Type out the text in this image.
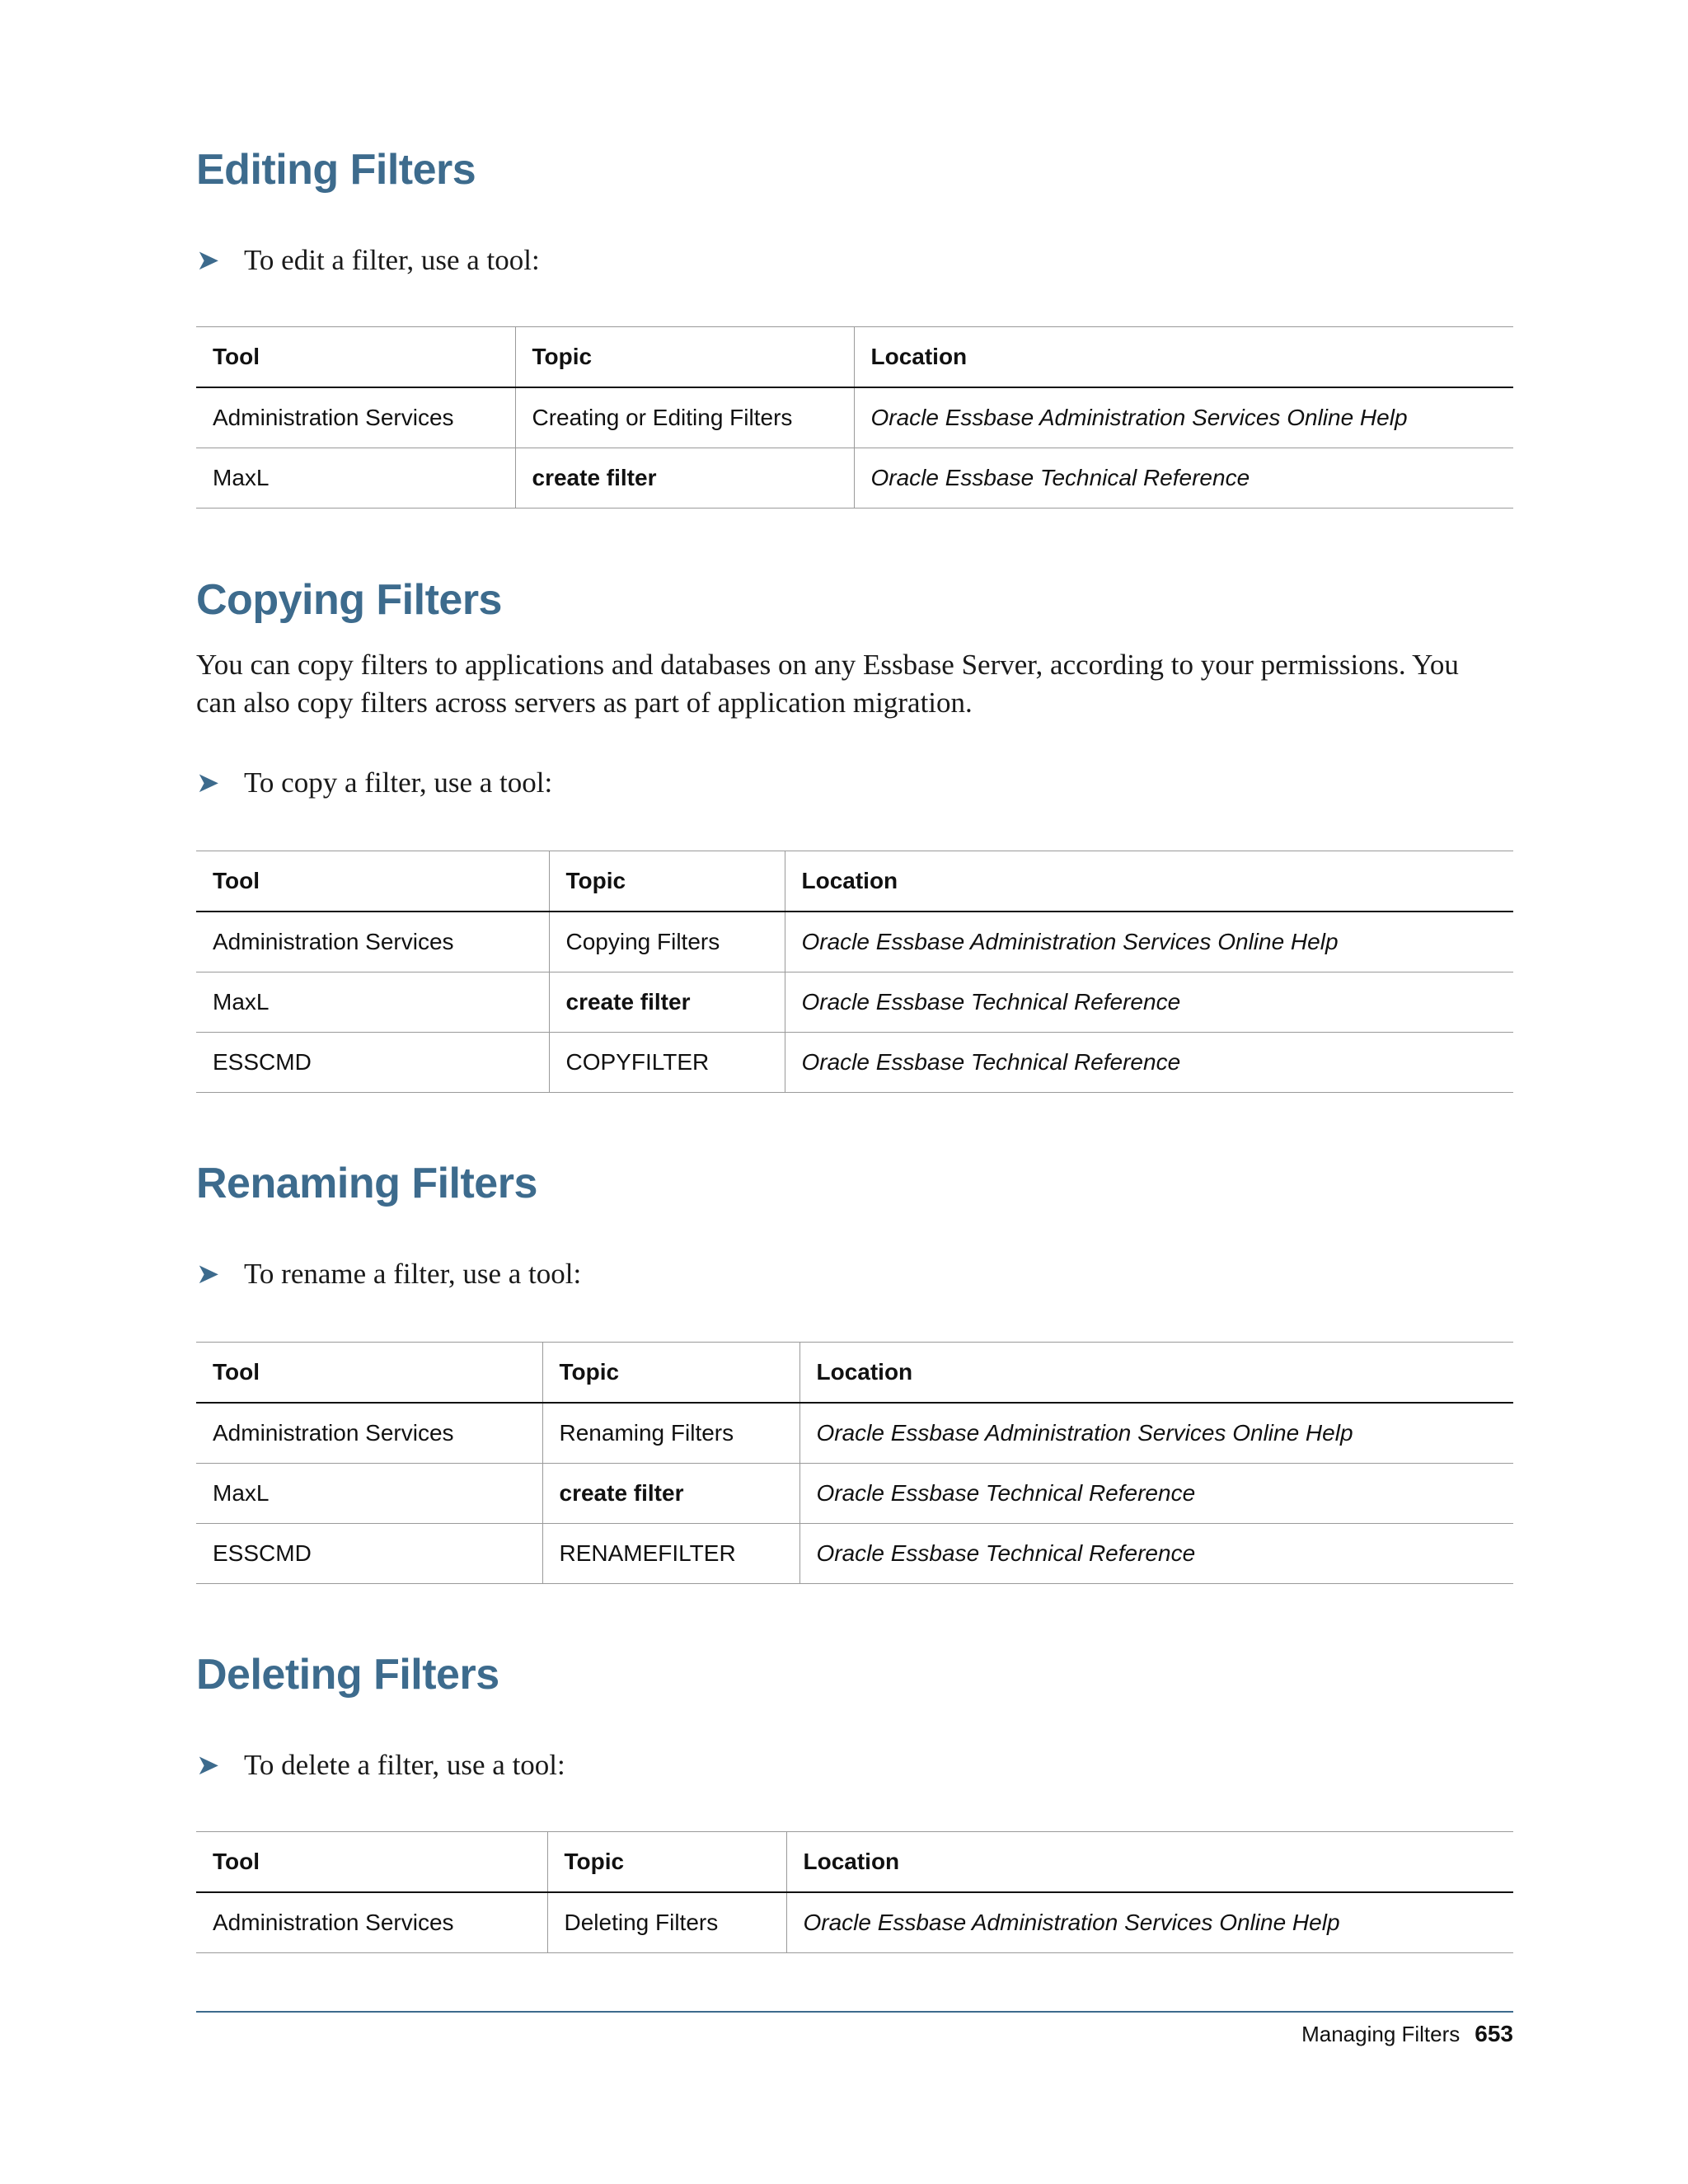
Editing Filters

➤ To edit a filter, use a tool:

Tool	Topic	Location
Administration Services	Creating or Editing Filters	Oracle Essbase Administration Services Online Help
MaxL	create filter	Oracle Essbase Technical Reference
Copying Filters

You can copy filters to applications and databases on any Essbase Server, according to your permissions. You can also copy filters across servers as part of application migration.

➤ To copy a filter, use a tool:

Tool	Topic	Location
Administration Services	Copying Filters	Oracle Essbase Administration Services Online Help
MaxL	create filter	Oracle Essbase Technical Reference
ESSCMD	COPYFILTER	Oracle Essbase Technical Reference
Renaming Filters

➤ To rename a filter, use a tool:

Tool	Topic	Location
Administration Services	Renaming Filters	Oracle Essbase Administration Services Online Help
MaxL	create filter	Oracle Essbase Technical Reference
ESSCMD	RENAMEFILTER	Oracle Essbase Technical Reference
Deleting Filters

➤ To delete a filter, use a tool:

Tool	Topic	Location
Administration Services	Deleting Filters	Oracle Essbase Administration Services Online Help
Managing Filters 653
